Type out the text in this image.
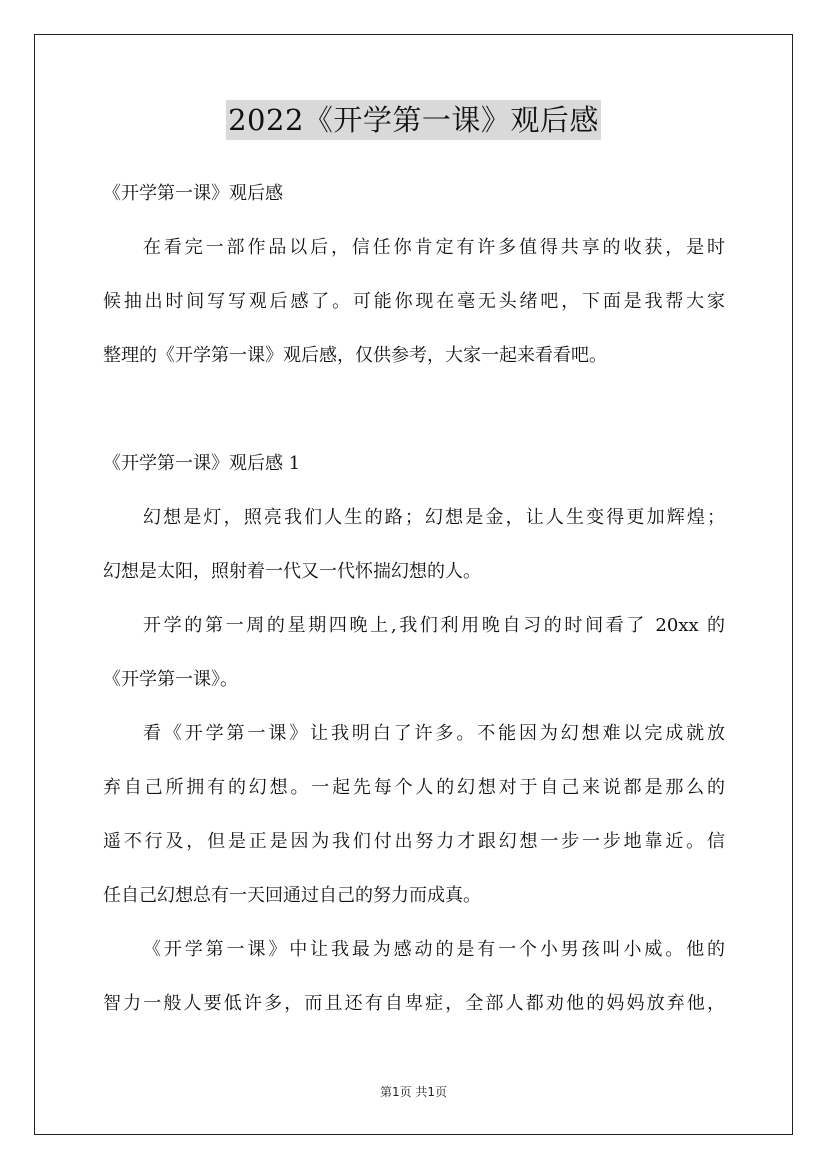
2022《开学第一课》观后感
《开学第一课》观后感
在看完一部作品以后，信任你肯定有许多值得共享的收获，是时
候抽出时间写写观后感了。可能你现在毫无头绪吧，下面是我帮大家
整理的《开学第一课》观后感，仅供参考，大家一起来看看吧。
《开学第一课》观后感 1
幻想是灯，照亮我们人生的路；幻想是金，让人生变得更加辉煌；
幻想是太阳，照射着一代又一代怀揣幻想的人。
开学的第一周的星期四晚上,我们利用晚自习的时间看了 20xx 的
《开学第一课》。
看《开学第一课》让我明白了许多。不能因为幻想难以完成就放
弃自己所拥有的幻想。一起先每个人的幻想对于自己来说都是那么的
遥不行及，但是正是因为我们付出努力才跟幻想一步一步地靠近。信
任自己幻想总有一天回通过自己的努力而成真。
《开学第一课》中让我最为感动的是有一个小男孩叫小威。他的
智力一般人要低许多，而且还有自卑症，全部人都劝他的妈妈放弃他，
第1页 共1页
